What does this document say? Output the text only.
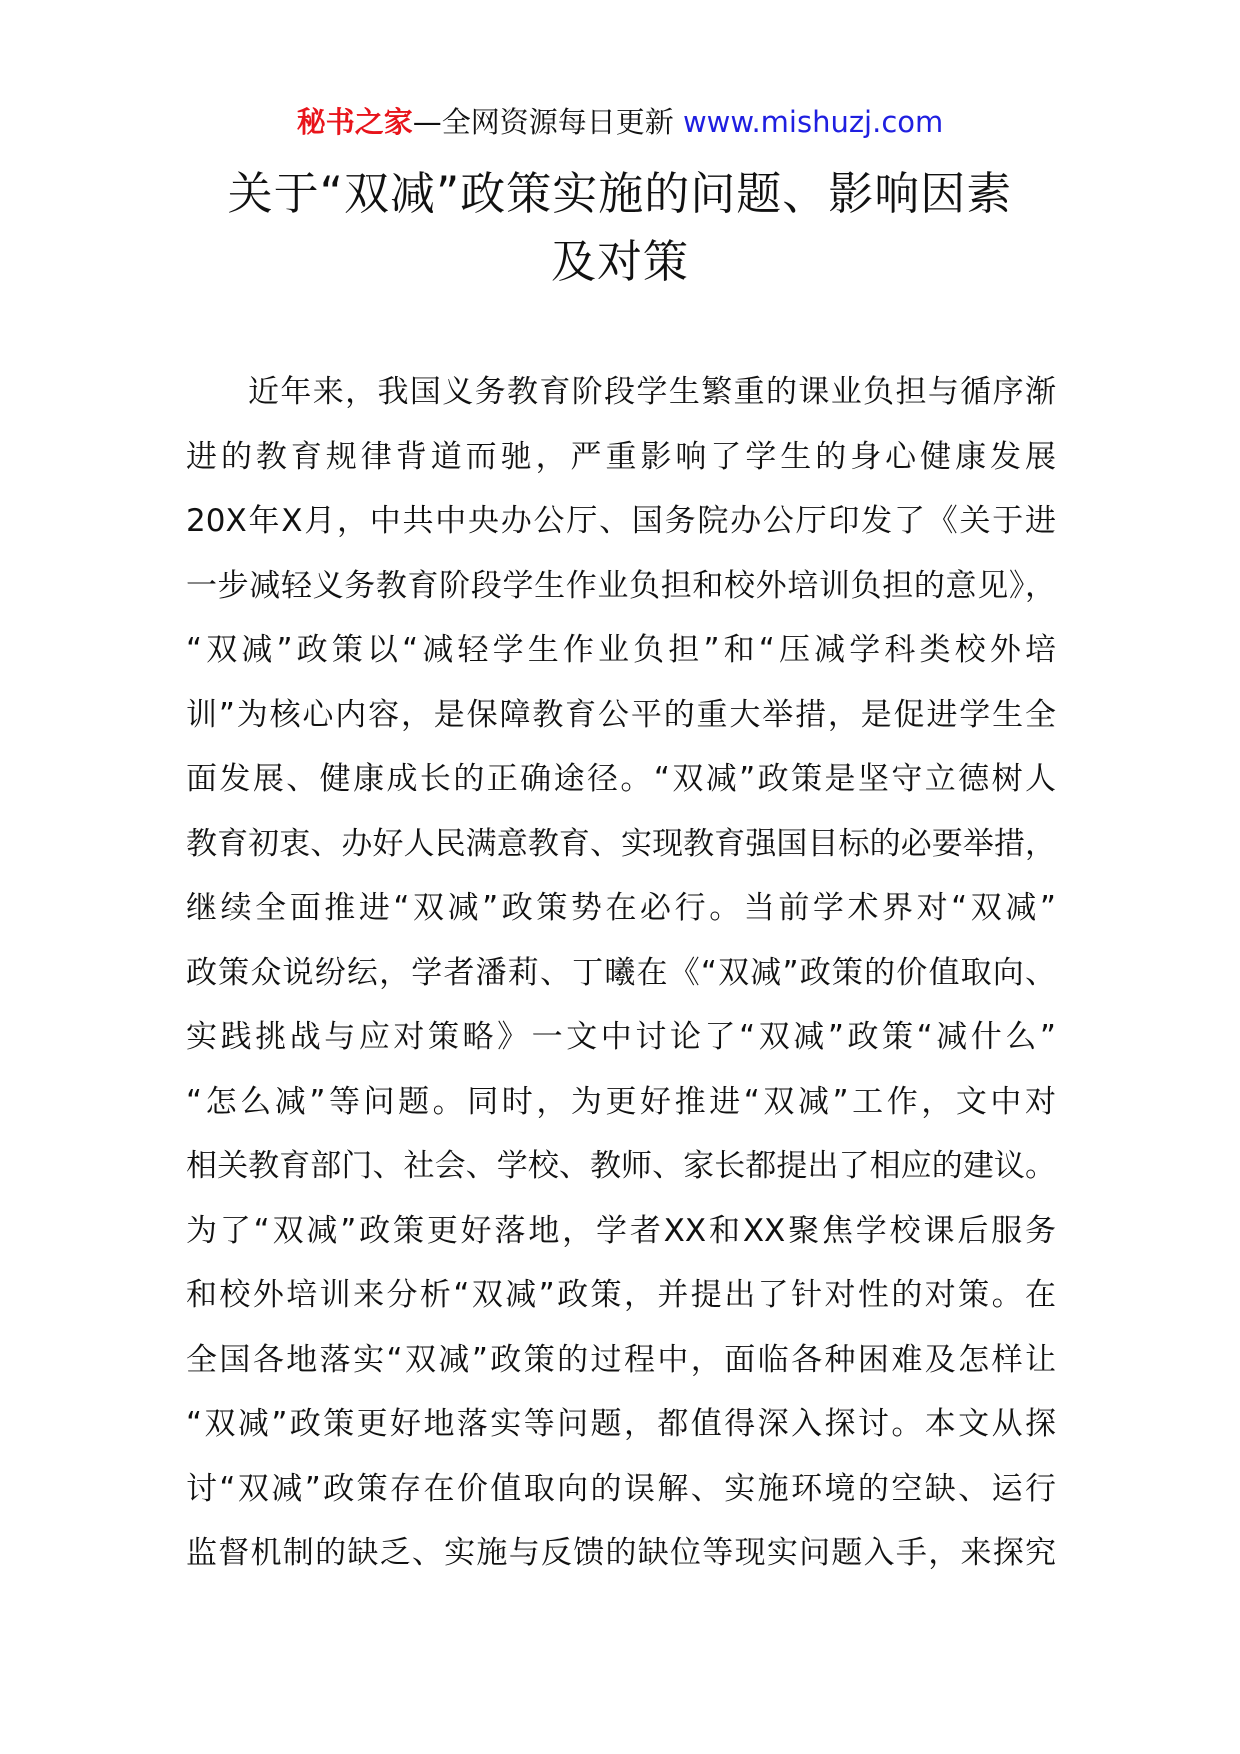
秘书之家—全网资源每日更新 www.mishuzj.com
关于“双减”政策实施的问题、影响因素
及对策
近年来，我国义务教育阶段学生繁重的课业负担与循序渐
进的教育规律背道而驰，严重影响了学生的身心健康发展
20X年X月，中共中央办公厅、国务院办公厅印发了《关于进
一步减轻义务教育阶段学生作业负担和校外培训负担的意见》，
“双减”政策以“减轻学生作业负担”和“压减学科类校外培
训”为核心内容，是保障教育公平的重大举措，是促进学生全
面发展、健康成长的正确途径。“双减”政策是坚守立德树人
教育初衷、办好人民满意教育、实现教育强国目标的必要举措，
继续全面推进“双减”政策势在必行。当前学术界对“双减”
政策众说纷纭，学者潘莉、丁曦在《“双减”政策的价值取向、
实践挑战与应对策略》一文中讨论了“双减”政策“减什么”
“怎么减”等问题。同时，为更好推进“双减”工作，文中对
相关教育部门、社会、学校、教师、家长都提出了相应的建议。
为了“双减”政策更好落地，学者XX和XX聚焦学校课后服务
和校外培训来分析“双减”政策，并提出了针对性的对策。在
全国各地落实“双减”政策的过程中，面临各种困难及怎样让
“双减”政策更好地落实等问题，都值得深入探讨。本文从探
讨“双减”政策存在价值取向的误解、实施环境的空缺、运行
监督机制的缺乏、实施与反馈的缺位等现实问题入手，来探究
